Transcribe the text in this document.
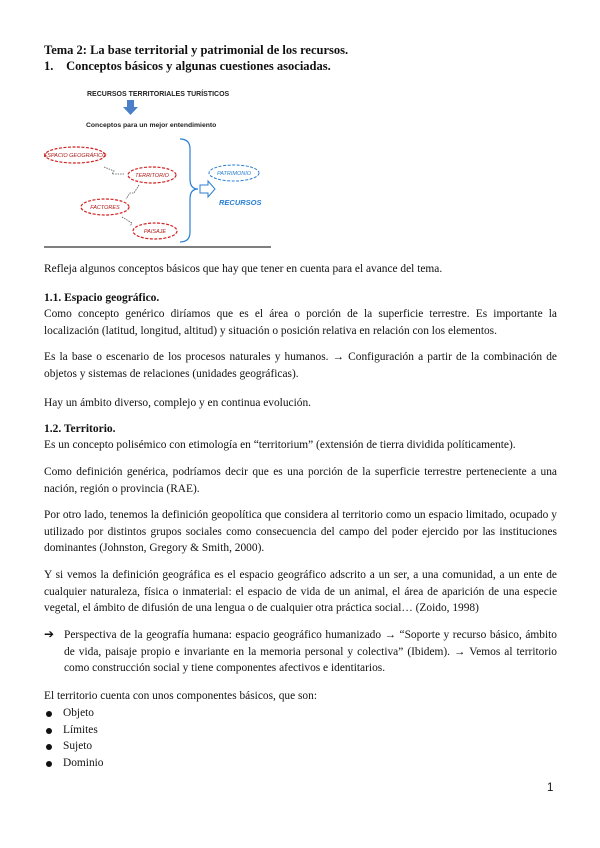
Tema 2: La base territorial y patrimonial de los recursos.
1. Conceptos básicos y algunas cuestiones asociadas.
RECURSOS TERRITORIALES TURÍSTICOS
Conceptos para un mejor entendimiento
ESPACIO GEOGRÁFICO
TERRITORIO
FACTORES
PAISAJE
PATRIMONIO
RECURSOS

Refleja algunos conceptos básicos que hay que tener en cuenta para el avance del tema.

1.1. Espacio geográfico.

Como concepto genérico diríamos que es el área o porción de la superficie terrestre. Es importante la localización (latitud, longitud, altitud) y situación o posición relativa en relación con los elementos.

Es la base o escenario de los procesos naturales y humanos. → Configuración a partir de la combinación de objetos y sistemas de relaciones (unidades geográficas).

Hay un ámbito diverso, complejo y en continua evolución.

1.2. Territorio.

Es un concepto polisémico con etimología en “territorium” (extensión de tierra dividida políticamente).

Como definición genérica, podríamos decir que es una porción de la superficie terrestre perteneciente a una nación, región o provincia (RAE).

Por otro lado, tenemos la definición geopolítica que considera al territorio como un espacio limitado, ocupado y utilizado por distintos grupos sociales como consecuencia del campo del poder ejercido por las instituciones dominantes (Johnston, Gregory & Smith, 2000).

Y si vemos la definición geográfica es el espacio geográfico adscrito a un ser, a una comunidad, a un ente de cualquier naturaleza, física o inmaterial: el espacio de vida de un animal, el área de aparición de una especie vegetal, el ámbito de difusión de una lengua o de cualquier otra práctica social… (Zoido, 1998)

➔ Perspectiva de la geografía humana: espacio geográfico humanizado → “Soporte y recurso básico, ámbito de vida, paisaje propio e invariante en la memoria personal y colectiva” (Ibidem). → Vemos al territorio como construcción social y tiene componentes afectivos e identitarios.

El territorio cuenta con unos componentes básicos, que son:

Objeto
Límites
Sujeto
Dominio
1
